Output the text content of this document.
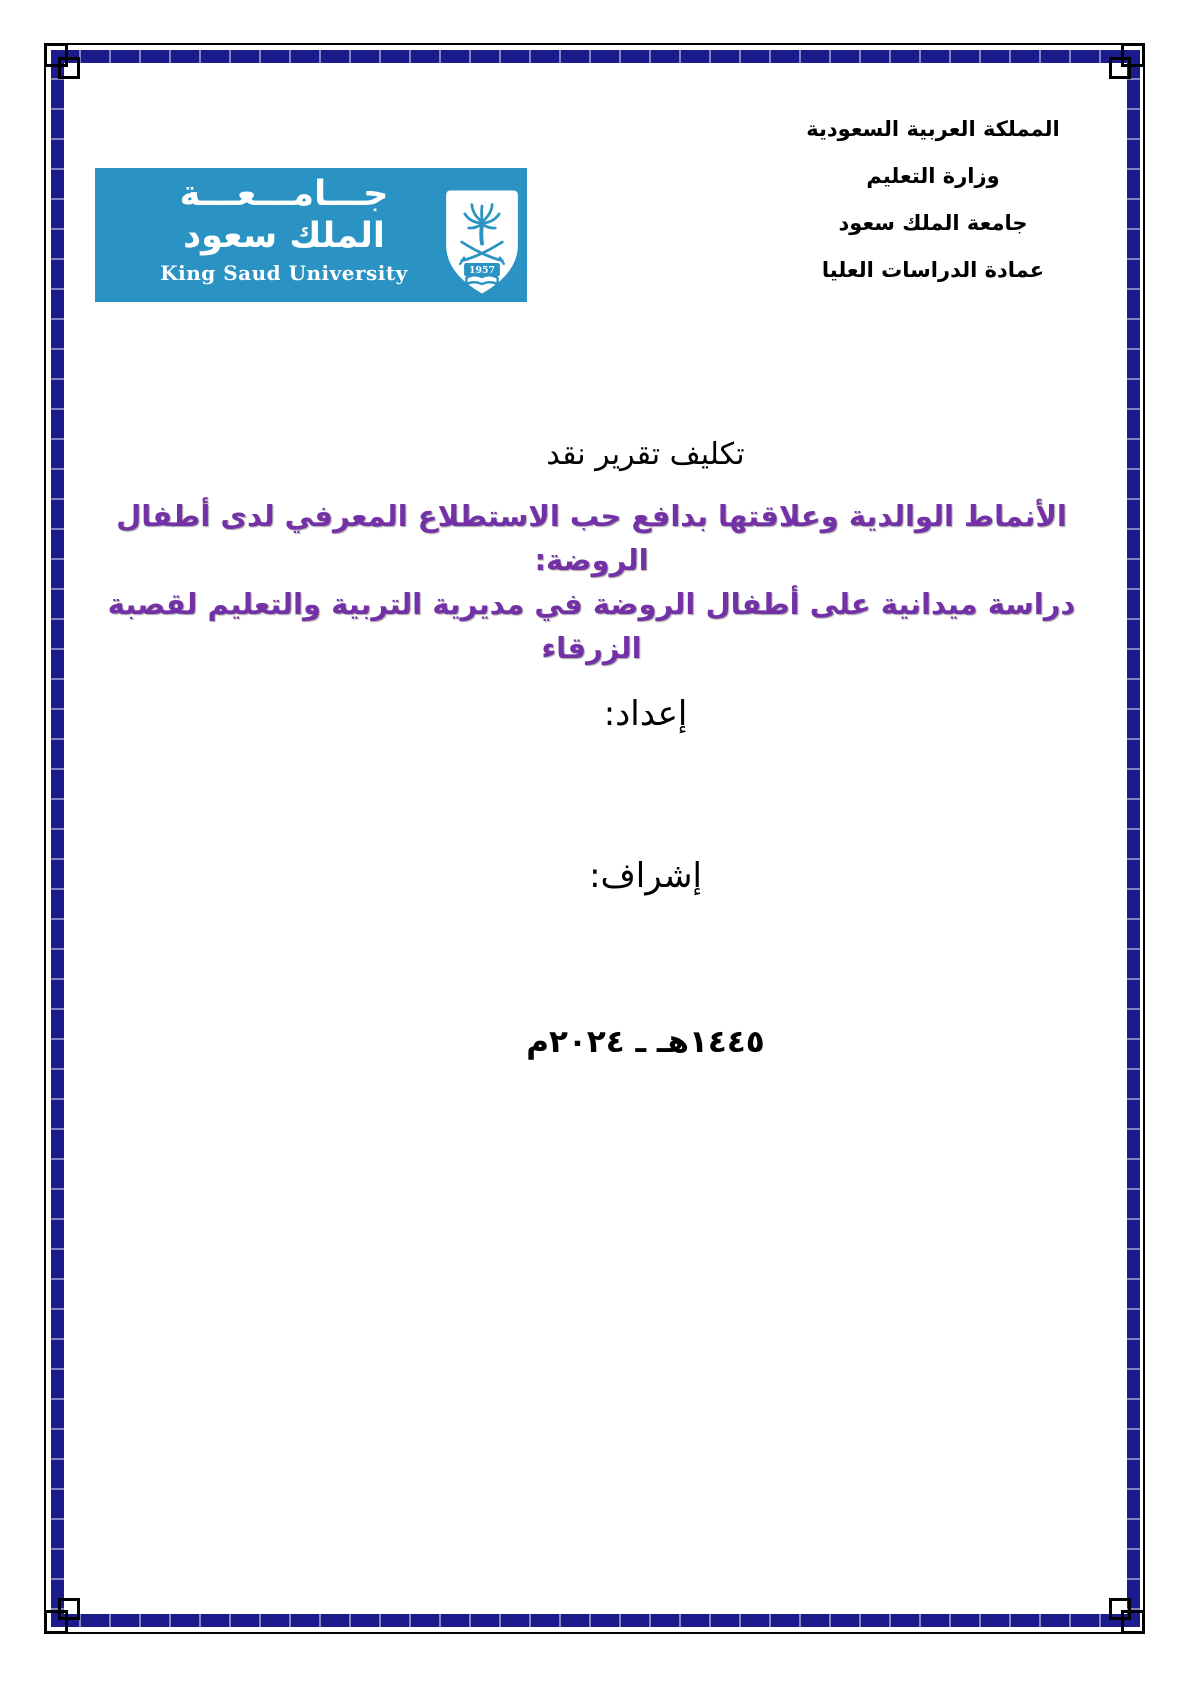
المملكة العربية السعودية
وزارة التعليم
جامعة الملك سعود
عمادة الدراسات العليا
جـــامـــعـــة
الملك سعود
King Saud University	1957
تكليف تقرير نقد
الأنماط الوالدية وعلاقتها بدافع حب الاستطلاع المعرفي لدى أطفال الروضة:
دراسة ميدانية على أطفال الروضة في مديرية التربية والتعليم لقصبة الزرقاء
إعداد:
إشراف:
١٤٤٥هـ ـ ٢٠٢٤م
